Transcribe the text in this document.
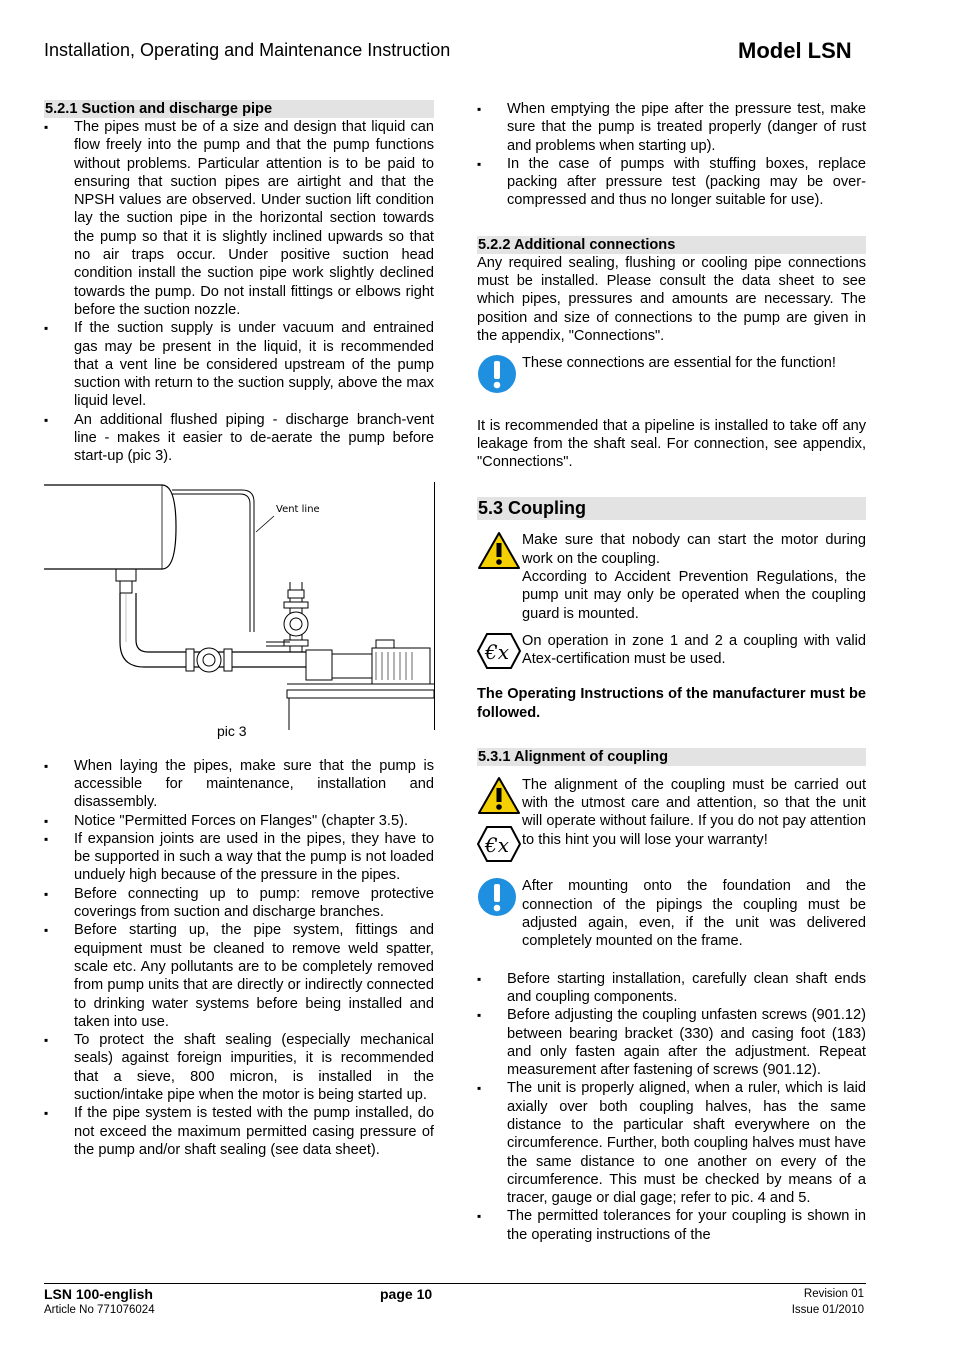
Installation, Operating and Maintenance Instruction	Model LSN
5.2.1 Suction and discharge pipe
▪ The pipes must be of a size and design that liquid can flow freely into the pump and that the pump functions without problems. Particular attention is to be paid to ensuring that suction pipes are airtight and that the NPSH values are observed. Under suction lift condition lay the suction pipe in the horizontal section towards the pump so that it is slightly inclined upwards so that no air traps occur. Under positive suction head condition install the suction pipe work slightly declined towards the pump. Do not install fittings or elbows right before the suction nozzle.
▪ If the suction supply is under vacuum and entrained gas may be present in the liquid, it is recommended that a vent line be considered upstream of the pump suction with return to the suction supply, above the max liquid level.
▪ An additional flushed piping - discharge branch-vent line - makes it easier to de-aerate the pump before start-up (pic 3).
Vent line
pic 3
▪ When laying the pipes, make sure that the pump is accessible for maintenance, installation and disassembly.
▪ Notice "Permitted Forces on Flanges" (chapter 3.5).
▪ If expansion joints are used in the pipes, they have to be supported in such a way that the pump is not loaded unduely high because of the pressure in the pipes.
▪ Before connecting up to pump: remove protective coverings from suction and discharge branches.
▪ Before starting up, the pipe system, fittings and equipment must be cleaned to remove weld spatter, scale etc. Any pollutants are to be completely removed from pump units that are directly or indirectly connected to drinking water systems before being installed and taken into use.
▪ To protect the shaft sealing (especially mechanical seals) against foreign impurities, it is recommended that a sieve, 800 micron, is installed in the suction/intake pipe when the motor is being started up.
▪ If the pipe system is tested with the pump installed, do not exceed the maximum permitted casing pressure of the pump and/or shaft sealing (see data sheet).
▪ When emptying the pipe after the pressure test, make sure that the pump is treated properly (danger of rust and problems when starting up).
▪ In the case of pumps with stuffing boxes, replace packing after pressure test (packing may be over-compressed and thus no longer suitable for use).
5.2.2 Additional connections

Any required sealing, flushing or cooling pipe connections must be installed. Please consult the data sheet to see which pipes, pressures and amounts are necessary. The position and size of connections to the pump are given in the appendix, "Connections".

These connections are essential for the function!

It is recommended that a pipeline is installed to take off any leakage from the shaft seal. For connection, see appendix, "Connections".

5.3 Coupling
Make sure that nobody can start the motor during work on the coupling.
According to Accident Prevention Regulations, the pump unit may only be operated when the coupling guard is mounted.
€x On operation in zone 1 and 2 a coupling with valid Atex-certification must be used.

The Operating Instructions of the manufacturer must be followed.

5.3.1 Alignment of coupling
€x
The alignment of the coupling must be carried out with the utmost care and attention, so that the unit will operate without failure. If you do not pay attention to this hint you will lose your warranty!
After mounting onto the foundation and the connection of the pipings the coupling must be adjusted again, even, if the unit was delivered completely mounted on the frame.
▪ Before starting installation, carefully clean shaft ends and coupling components.
▪ Before adjusting the coupling unfasten screws (901.12) between bearing bracket (330) and casing foot (183) and only fasten again after the adjustment. Repeat measurement after fastening of screws (901.12).
▪ The unit is properly aligned, when a ruler, which is laid axially over both coupling halves, has the same distance to the particular shaft everywhere on the circumference. Further, both coupling halves must have the same distance to one another on every of the circumference. This must be checked by means of a tracer, gauge or dial gage; refer to pic. 4 and 5.
▪ The permitted tolerances for your coupling is shown in the operating instructions of the
LSN 100-english
Article No 771076024
page 10	Revision 01
Issue 01/2010
